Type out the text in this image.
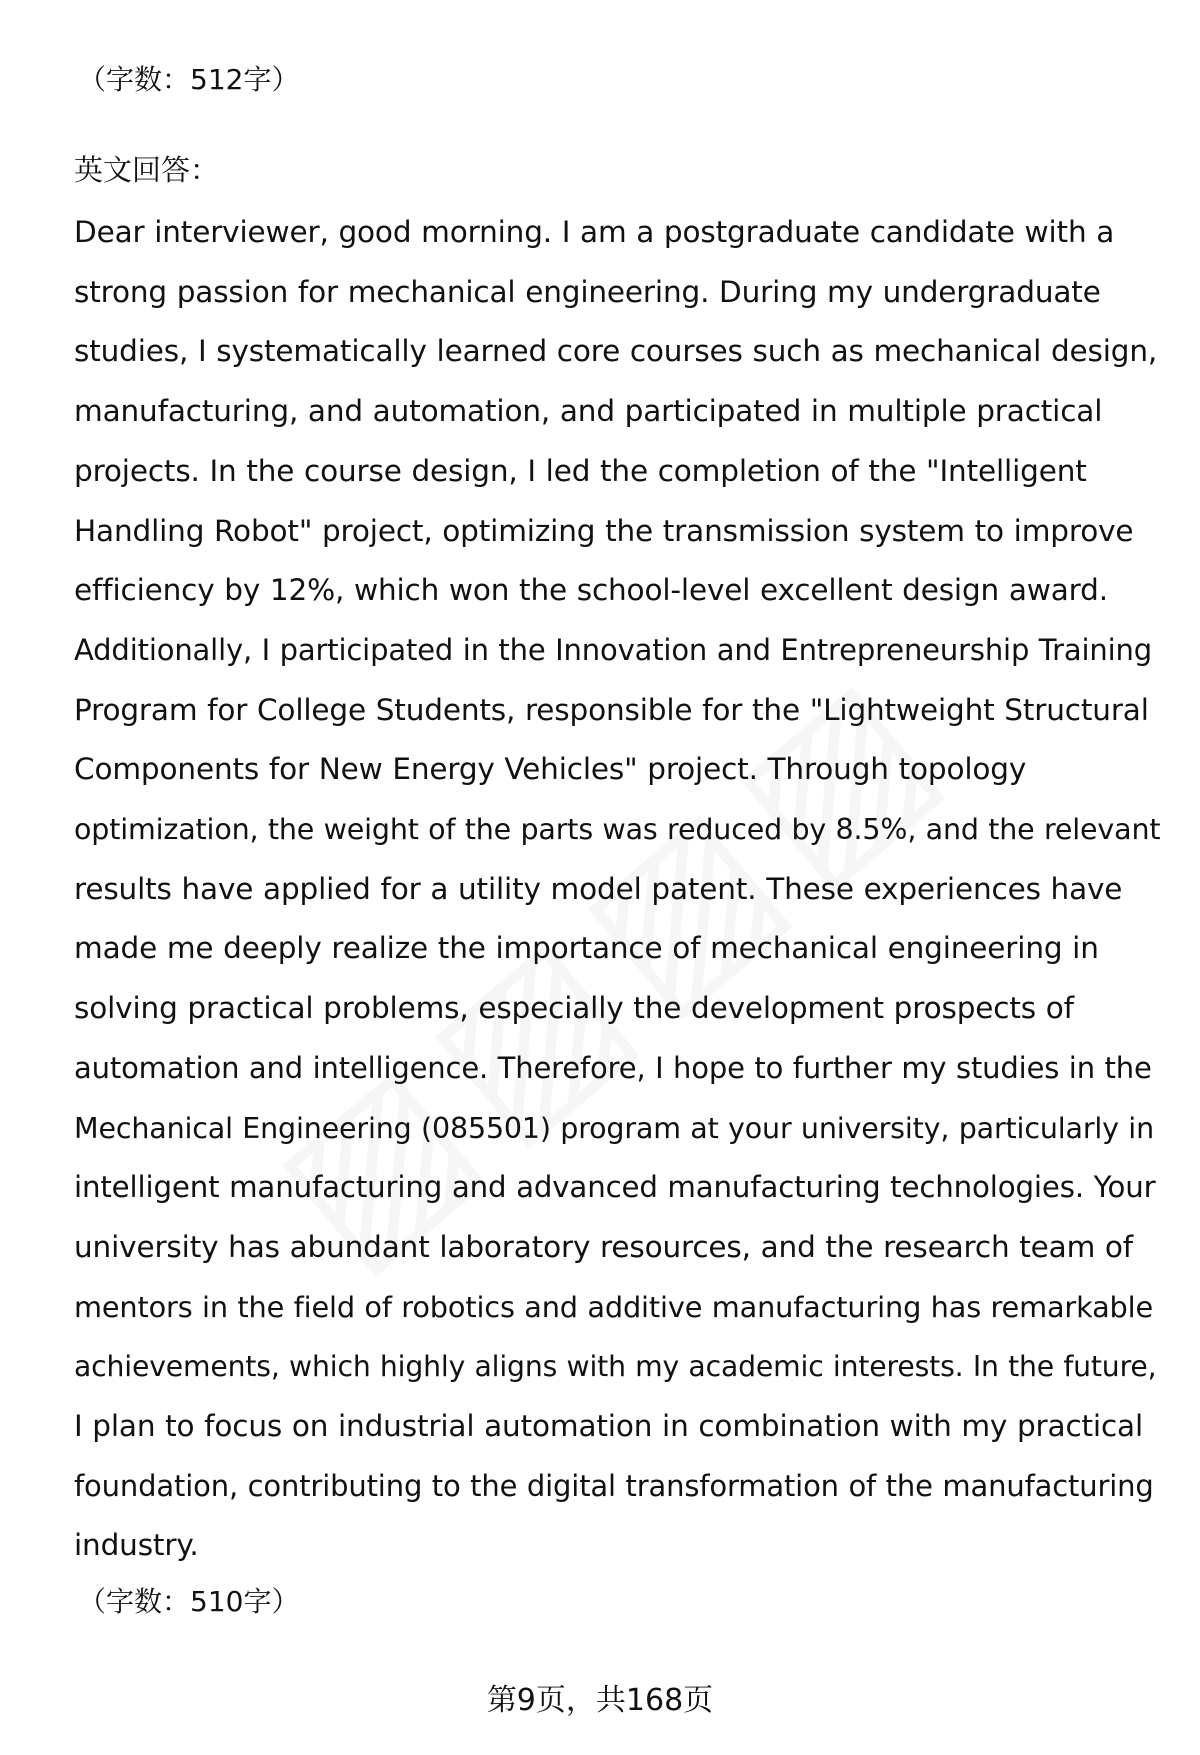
（字数：512字）
英文回答：
Dear interviewer, good morning. I am a postgraduate candidate with a
strong passion for mechanical engineering. During my undergraduate
studies, I systematically learned core courses such as mechanical design,
manufacturing, and automation, and participated in multiple practical
projects. In the course design, I led the completion of the "Intelligent
Handling Robot" project, optimizing the transmission system to improve
efficiency by 12%, which won the school-level excellent design award.
Additionally, I participated in the Innovation and Entrepreneurship Training
Program for College Students, responsible for the "Lightweight Structural
Components for New Energy Vehicles" project. Through topology
optimization, the weight of the parts was reduced by 8.5%, and the relevant
results have applied for a utility model patent. These experiences have
made me deeply realize the importance of mechanical engineering in
solving practical problems, especially the development prospects of
automation and intelligence. Therefore, I hope to further my studies in the
Mechanical Engineering (085501) program at your university, particularly in
intelligent manufacturing and advanced manufacturing technologies. Your
university has abundant laboratory resources, and the research team of
mentors in the field of robotics and additive manufacturing has remarkable
achievements, which highly aligns with my academic interests. In the future,
I plan to focus on industrial automation in combination with my practical
foundation, contributing to the digital transformation of the manufacturing
industry.
（字数：510字）
第9页，共168页
